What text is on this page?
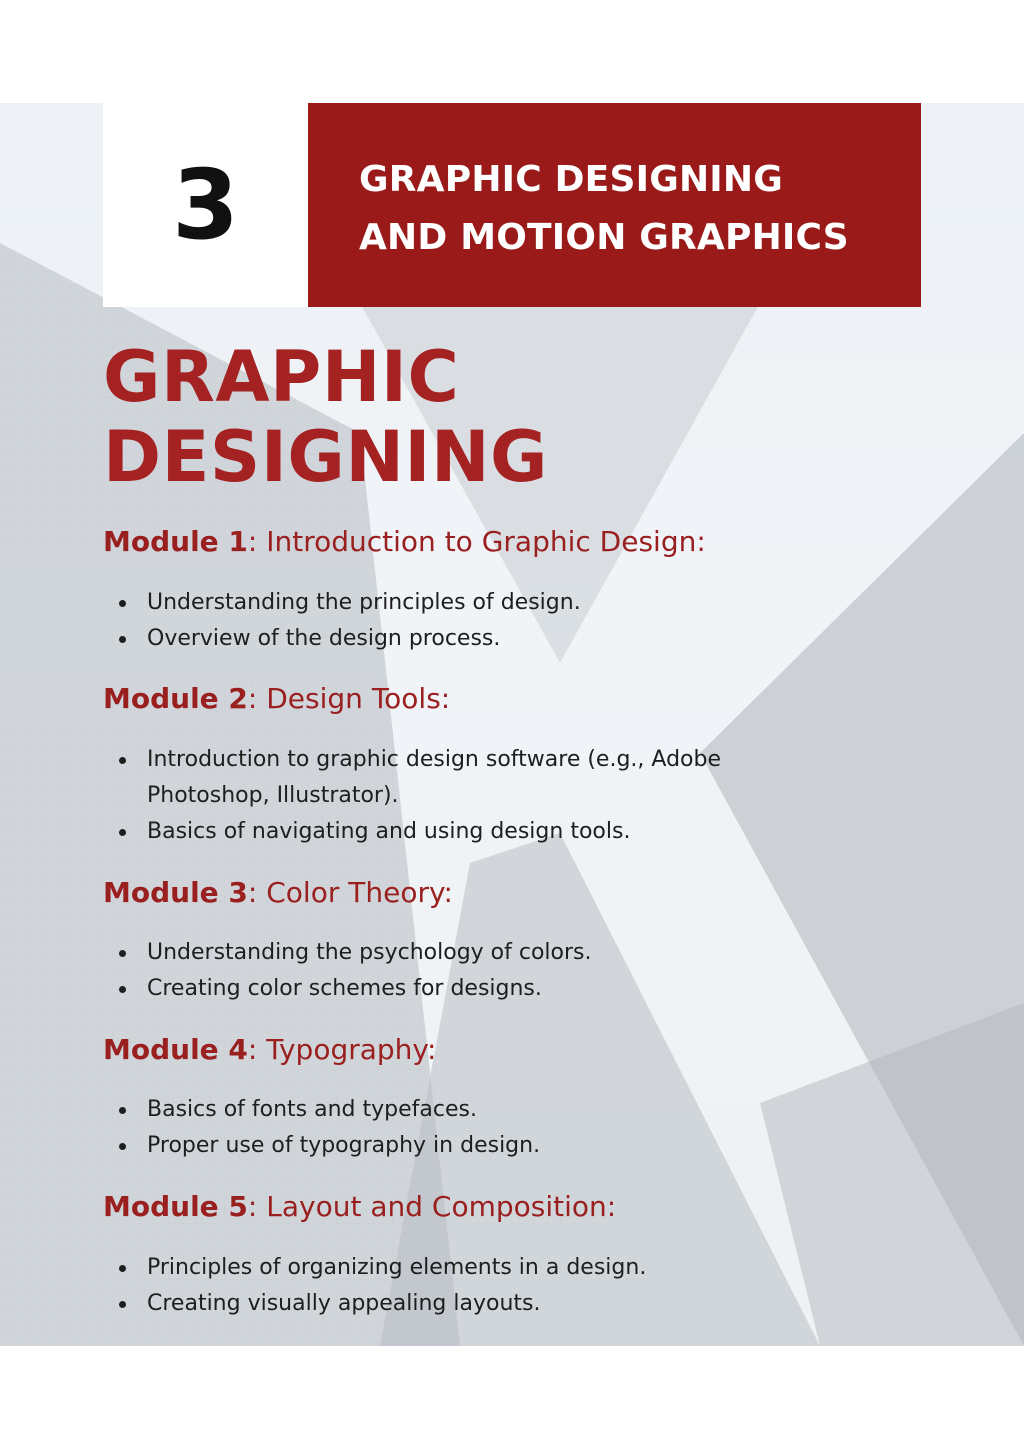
3	GRAPHIC DESIGNING
AND MOTION GRAPHICS
GRAPHIC
DESIGNING
Module 1: Introduction to Graphic Design:
Understanding the principles of design.
Overview of the design process.
Module 2: Design Tools:
Introduction to graphic design software (e.g., Adobe Photoshop, Illustrator).
Basics of navigating and using design tools.
Module 3: Color Theory:
Understanding the psychology of colors.
Creating color schemes for designs.
Module 4: Typography:
Basics of fonts and typefaces.
Proper use of typography in design.
Module 5: Layout and Composition:
Principles of organizing elements in a design.
Creating visually appealing layouts.
